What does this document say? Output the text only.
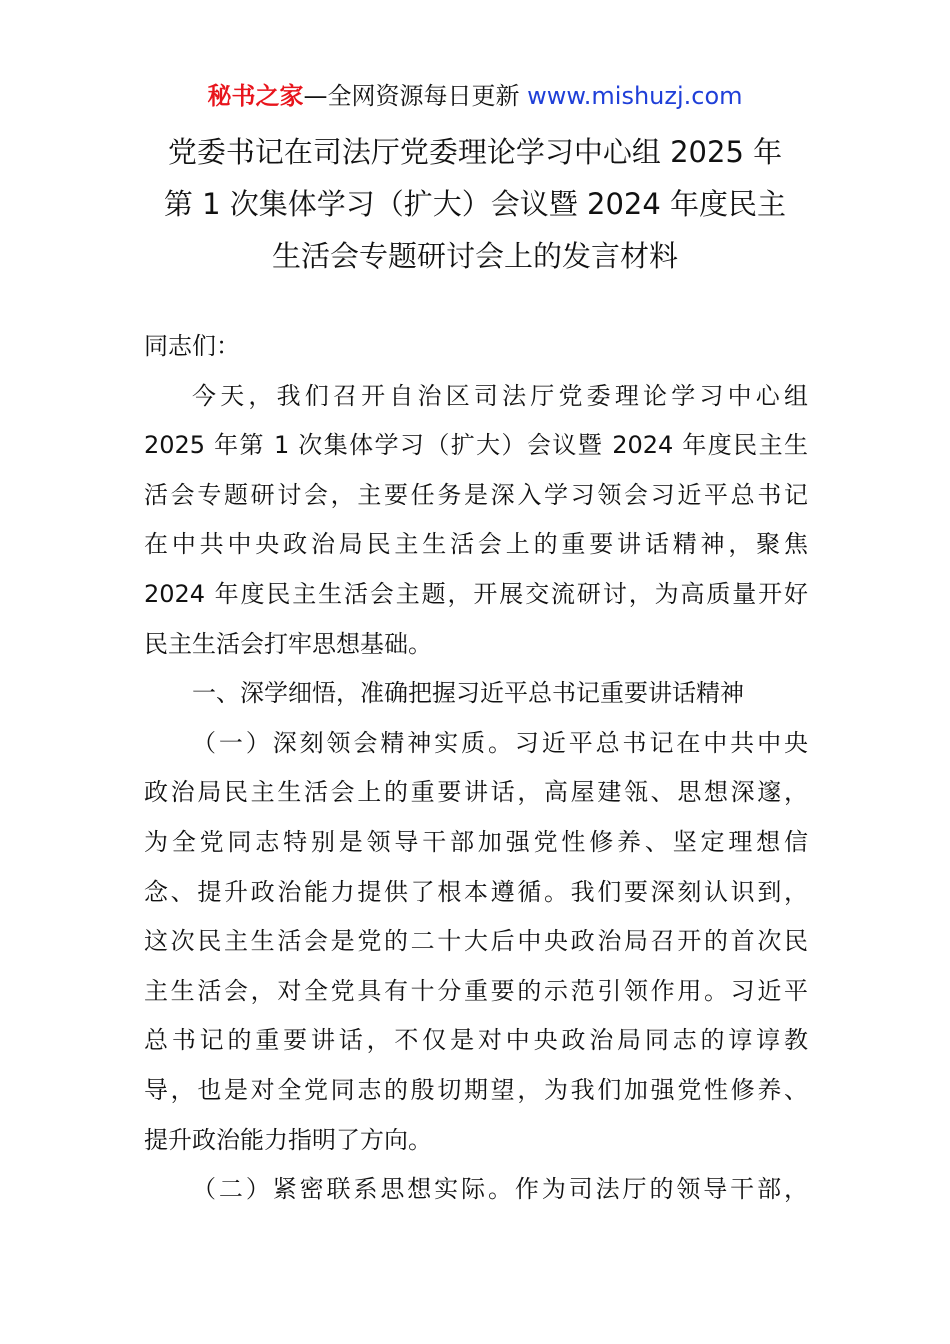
秘书之家—全网资源每日更新 www.mishuzj.com
党委书记在司法厅党委理论学习中心组 2025 年
第 1 次集体学习（扩大）会议暨 2024 年度民主
生活会专题研讨会上的发言材料
同志们：
今天，我们召开自治区司法厅党委理论学习中心组
2025 年第 1 次集体学习（扩大）会议暨 2024 年度民主生
活会专题研讨会，主要任务是深入学习领会习近平总书记
在中共中央政治局民主生活会上的重要讲话精神，聚焦
2024 年度民主生活会主题，开展交流研讨，为高质量开好
民主生活会打牢思想基础。
一、深学细悟，准确把握习近平总书记重要讲话精神
（一）深刻领会精神实质。习近平总书记在中共中央
政治局民主生活会上的重要讲话，高屋建瓴、思想深邃，
为全党同志特别是领导干部加强党性修养、坚定理想信
念、提升政治能力提供了根本遵循。我们要深刻认识到，
这次民主生活会是党的二十大后中央政治局召开的首次民
主生活会，对全党具有十分重要的示范引领作用。习近平
总书记的重要讲话，不仅是对中央政治局同志的谆谆教
导，也是对全党同志的殷切期望，为我们加强党性修养、
提升政治能力指明了方向。
（二）紧密联系思想实际。作为司法厅的领导干部，
